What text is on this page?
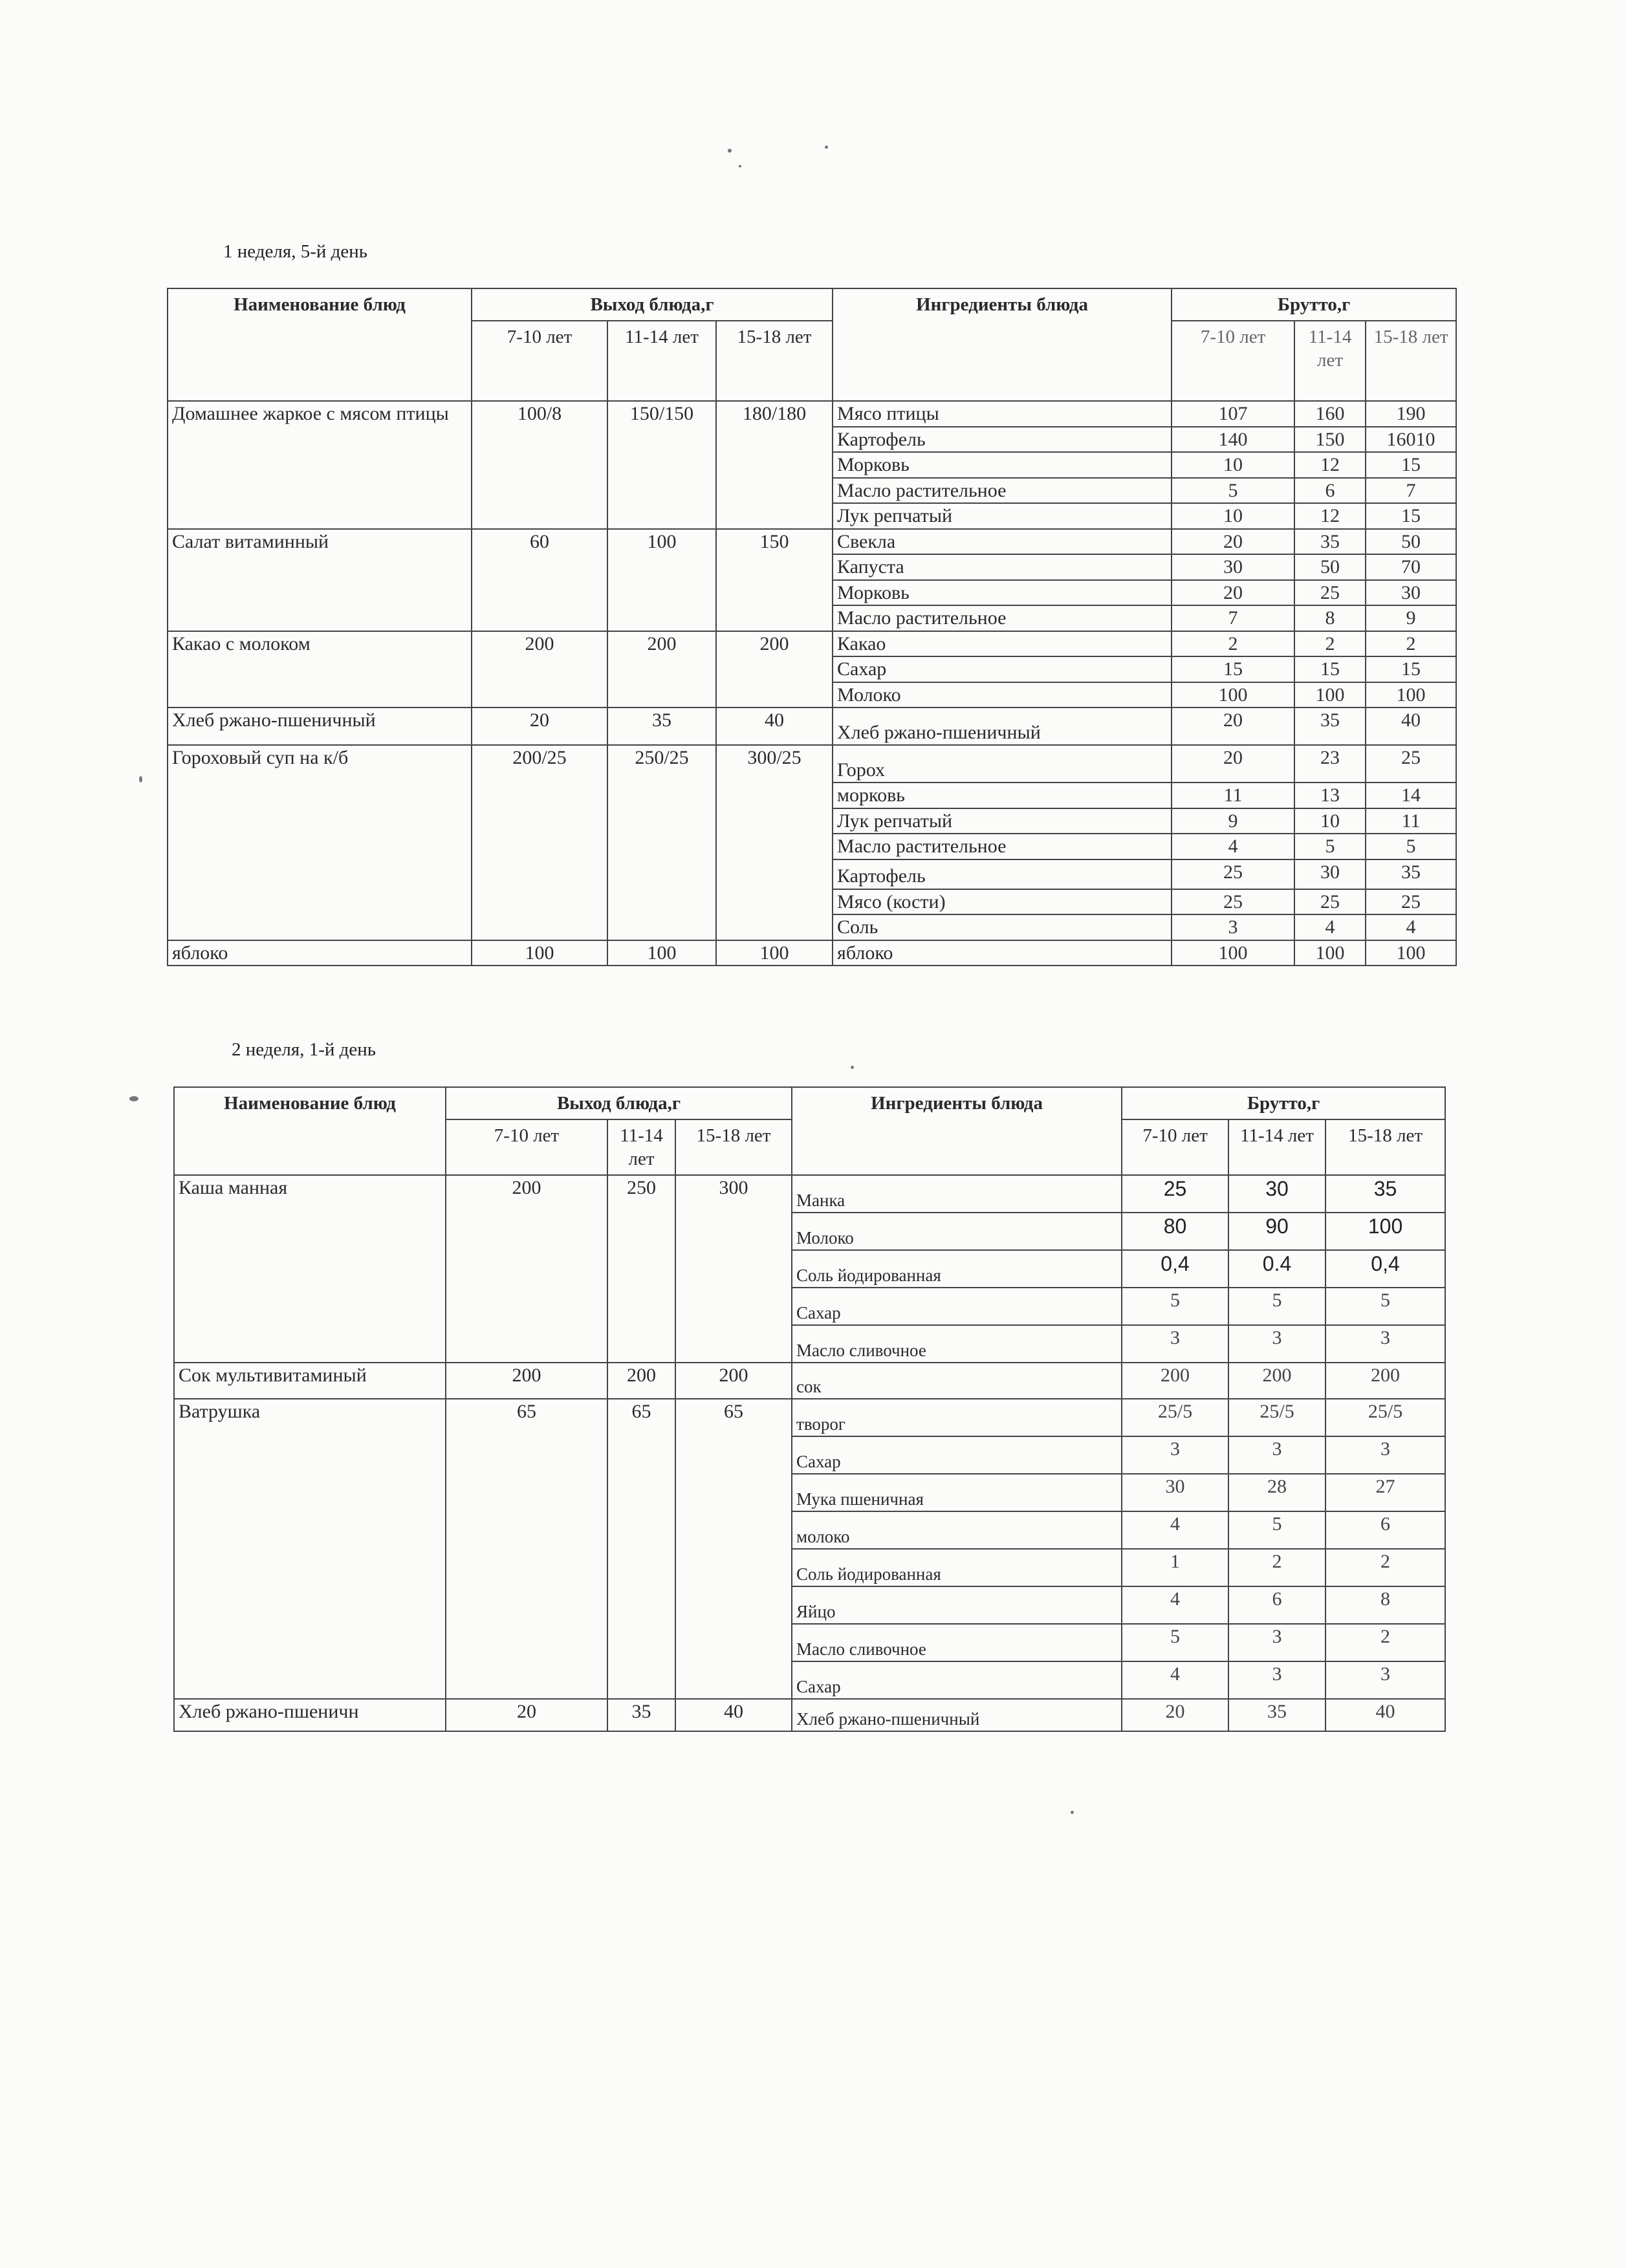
1 неделя, 5-й день
Наименование блюд	Выход блюда,г			Ингредиенты блюда	Брутто,г		
	7-10 лет	11-14 лет	15-18 лет		7-10 лет	11-14 лет	15-18 лет
Домашнее жаркое с мясом птицы	100/8	150/150	180/180	Мясо птицы	107	160	190
				Картофель	140	150	16010
				Морковь	10	12	15
				Масло растительное	5	6	7
				Лук репчатый	10	12	15
Салат витаминный	60	100	150	Свекла	20	35	50
				Капуста	30	50	70
				Морковь	20	25	30
				Масло растительное	7	8	9
Какао с молоком	200	200	200	Какао	2	2	2
				Сахар	15	15	15
				Молоко	100	100	100
Хлеб ржано-пшеничный	20	35	40	Хлеб ржано-пшеничный	20	35	40
Гороховый суп на к/б	200/25	250/25	300/25	Горох	20	23	25
				морковь	11	13	14
				Лук репчатый	9	10	11
				Масло растительное	4	5	5
				Картофель	25	30	35
				Мясо (кости)	25	25	25
				Соль	3	4	4
яблоко	100	100	100	яблоко	100	100	100
2 неделя, 1-й день
Наименование блюд	Выход блюда,г			Ингредиенты блюда	Брутто,г		
	7-10 лет	11-14 лет	15-18 лет		7-10 лет	11-14 лет	15-18 лет
Каша манная	200	250	300	Манка	25	30	35
				Молоко	80	90	100
				Соль йодированная	0,4	0.4	0,4
				Сахар	5	5	5
				Масло сливочное	3	3	3
Сок мультивитаминый	200	200	200	сок	200	200	200
Ватрушка	65	65	65	творог	25/5	25/5	25/5
				Сахар	3	3	3
				Мука пшеничная	30	28	27
				молоко	4	5	6
				Соль йодированная	1	2	2
				Яйцо	4	6	8
				Масло сливочное	5	3	2
				Сахар	4	3	3
Хлеб ржано-пшеничн	20	35	40	Хлеб ржано-пшеничный	20	35	40
